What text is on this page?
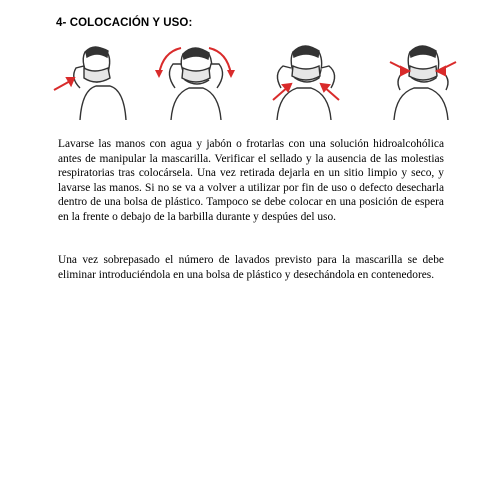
4- COLOCACIÓN Y USO:

Lavarse las manos con agua y jabón o frotarlas con una solución hidroalcohólica antes de manipular la mascarilla. Verificar el sellado y la ausencia de las molestias respiratorias tras colocársela. Una vez retirada dejarla en un sitio limpio y seco, y lavarse las manos. Si no se va a volver a utilizar por fin de uso o defecto desecharla dentro de una bolsa de plástico. Tampoco se debe colocar en una posición de espera en la frente o debajo de la barbilla durante y despúes del uso.

Una vez sobrepasado el número de lavados previsto para la mascarilla se debe eliminar introduciéndola en una bolsa de plástico y desechándola en contenedores.
